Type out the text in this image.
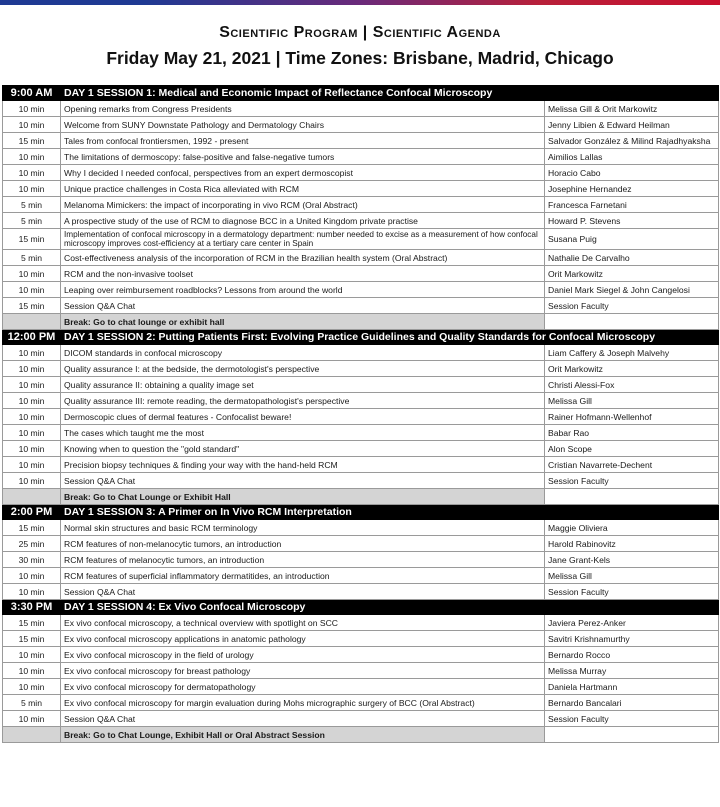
Scientific Program | Scientific Agenda
Friday May 21, 2021 | Time Zones: Brisbane, Madrid, Chicago
9:00 AM	DAY 1 SESSION 1: Medical and Economic Impact of Reflectance Confocal Microscopy	
10 min	Opening remarks from Congress Presidents	Melissa Gill & Orit Markowitz
10 min	Welcome from SUNY Downstate Pathology and Dermatology Chairs	Jenny Libien & Edward Heilman
15 min	Tales from confocal frontiersmen, 1992 - present	Salvador González & Milind Rajadhyaksha
10 min	The limitations of dermoscopy: false-positive and false-negative tumors	Aimilios Lallas
10 min	Why I decided I needed confocal, perspectives from an expert dermoscopist	Horacio Cabo
10 min	Unique practice challenges in Costa Rica alleviated with RCM	Josephine Hernandez
5 min	Melanoma Mimickers: the impact of incorporating in vivo RCM (Oral Abstract)	Francesca Farnetani
5 min	A prospective study of the use of RCM to diagnose BCC in a United Kingdom private practise	Howard P. Stevens
15 min	Implementation of confocal microscopy in a dermatology department: number needed to excise as a measurement of how confocal microscopy improves cost-efficiency at a tertiary care center in Spain	Susana Puig
5 min	Cost-effectiveness analysis of the incorporation of RCM in the Brazilian health system (Oral Abstract)	Nathalie De Carvalho
10 min	RCM and the non-invasive toolset	Orit Markowitz
10 min	Leaping over reimbursement roadblocks? Lessons from around the world	Daniel Mark Siegel & John Cangelosi
15 min	Session Q&A Chat	Session Faculty
	Break: Go to chat lounge or exhibit hall	
12:00 PM	DAY 1 SESSION 2: Putting Patients First: Evolving Practice Guidelines and Quality Standards for Confocal Microscopy	
10 min	DICOM standards in confocal microscopy	Liam Caffery & Joseph Malvehy
10 min	Quality assurance I: at the bedside, the dermotologist's perspective	Orit Markowitz
10 min	Quality assurance II: obtaining a quality image set	Christi Alessi-Fox
10 min	Quality assurance III: remote reading, the dermatopathologist's perspective	Melissa Gill
10 min	Dermoscopic clues of dermal features - Confocalist beware!	Rainer Hofmann-Wellenhof
10 min	The cases which taught me the most	Babar Rao
10 min	Knowing when to question the "gold standard"	Alon Scope
10 min	Precision biopsy techniques & finding your way with the hand-held RCM	Cristian Navarrete-Dechent
10 min	Session Q&A Chat	Session Faculty
	Break: Go to Chat Lounge or Exhibit Hall	
2:00 PM	DAY 1 SESSION 3: A Primer on In Vivo RCM Interpretation	
15 min	Normal skin structures and basic RCM terminology	Maggie Oliviera
25 min	RCM features of non-melanocytic tumors, an introduction	Harold Rabinovitz
30 min	RCM features of melanocytic tumors, an introduction	Jane Grant-Kels
10 min	RCM features of superficial inflammatory dermatitides, an introduction	Melissa Gill
10 min	Session Q&A Chat	Session Faculty
3:30 PM	DAY 1 SESSION 4: Ex Vivo Confocal Microscopy	
15 min	Ex vivo confocal microscopy, a technical overview with spotlight on SCC	Javiera Perez-Anker
15 min	Ex vivo confocal microscopy applications in anatomic pathology	Savitri Krishnamurthy
10 min	Ex vivo confocal microscopy in the field of urology	Bernardo Rocco
10 min	Ex vivo confocal microscopy for breast pathology	Melissa Murray
10 min	Ex vivo confocal microscopy for dermatopathology	Daniela Hartmann
5 min	Ex vivo confocal microscopy for margin evaluation during Mohs micrographic surgery of BCC (Oral Abstract)	Bernardo Bancalari
10 min	Session Q&A Chat	Session Faculty
	Break: Go to Chat Lounge, Exhibit Hall or Oral Abstract Session	
